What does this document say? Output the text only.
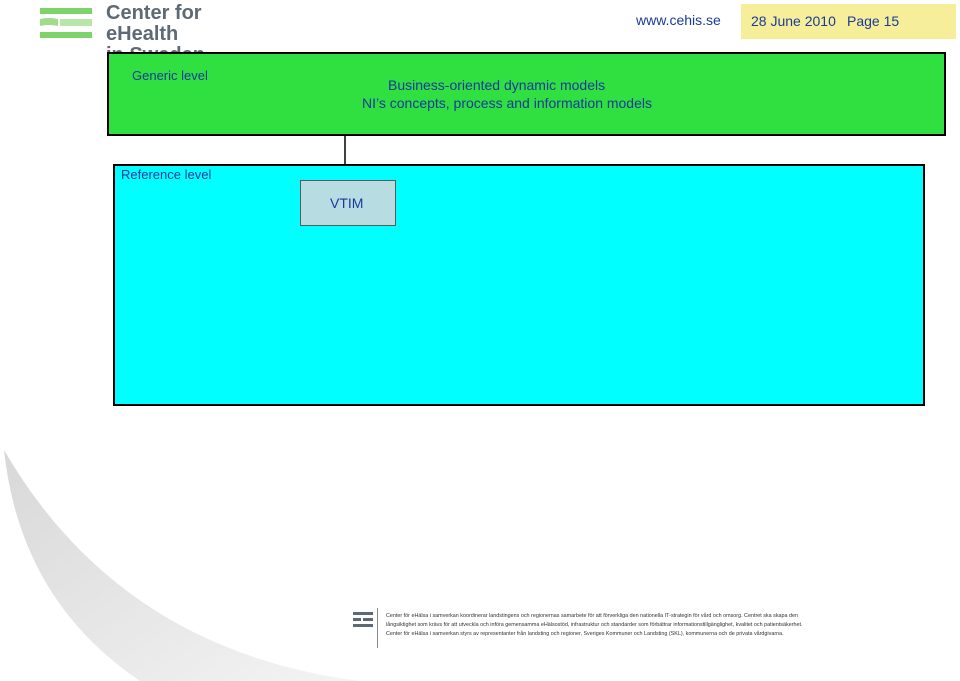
Center for eHealth
www.cehis.se 28 June 2010 Page 15
Generic level
Business-oriented dynamic models
NI’s concepts, process and information models
Reference level
VTIM
Center för eHälsa i samverkan koordinerar landstingens och regionernas samarbete för att förverkliga den nationella IT-strategin för vård och omsorg. Centret ska skapa den
långsiktighet som krävs för att utveckla och införa gemensamma eHälsostöd, infrastruktur och standarder som förbättrar informationstillgänglighet, kvalitet och patientsäkerhet.
Center för eHälsa i samverkan styrs av representanter från landsting och regioner, Sveriges Kommuner och Landsting (SKL), kommunerna och de privata vårdgivarna.
